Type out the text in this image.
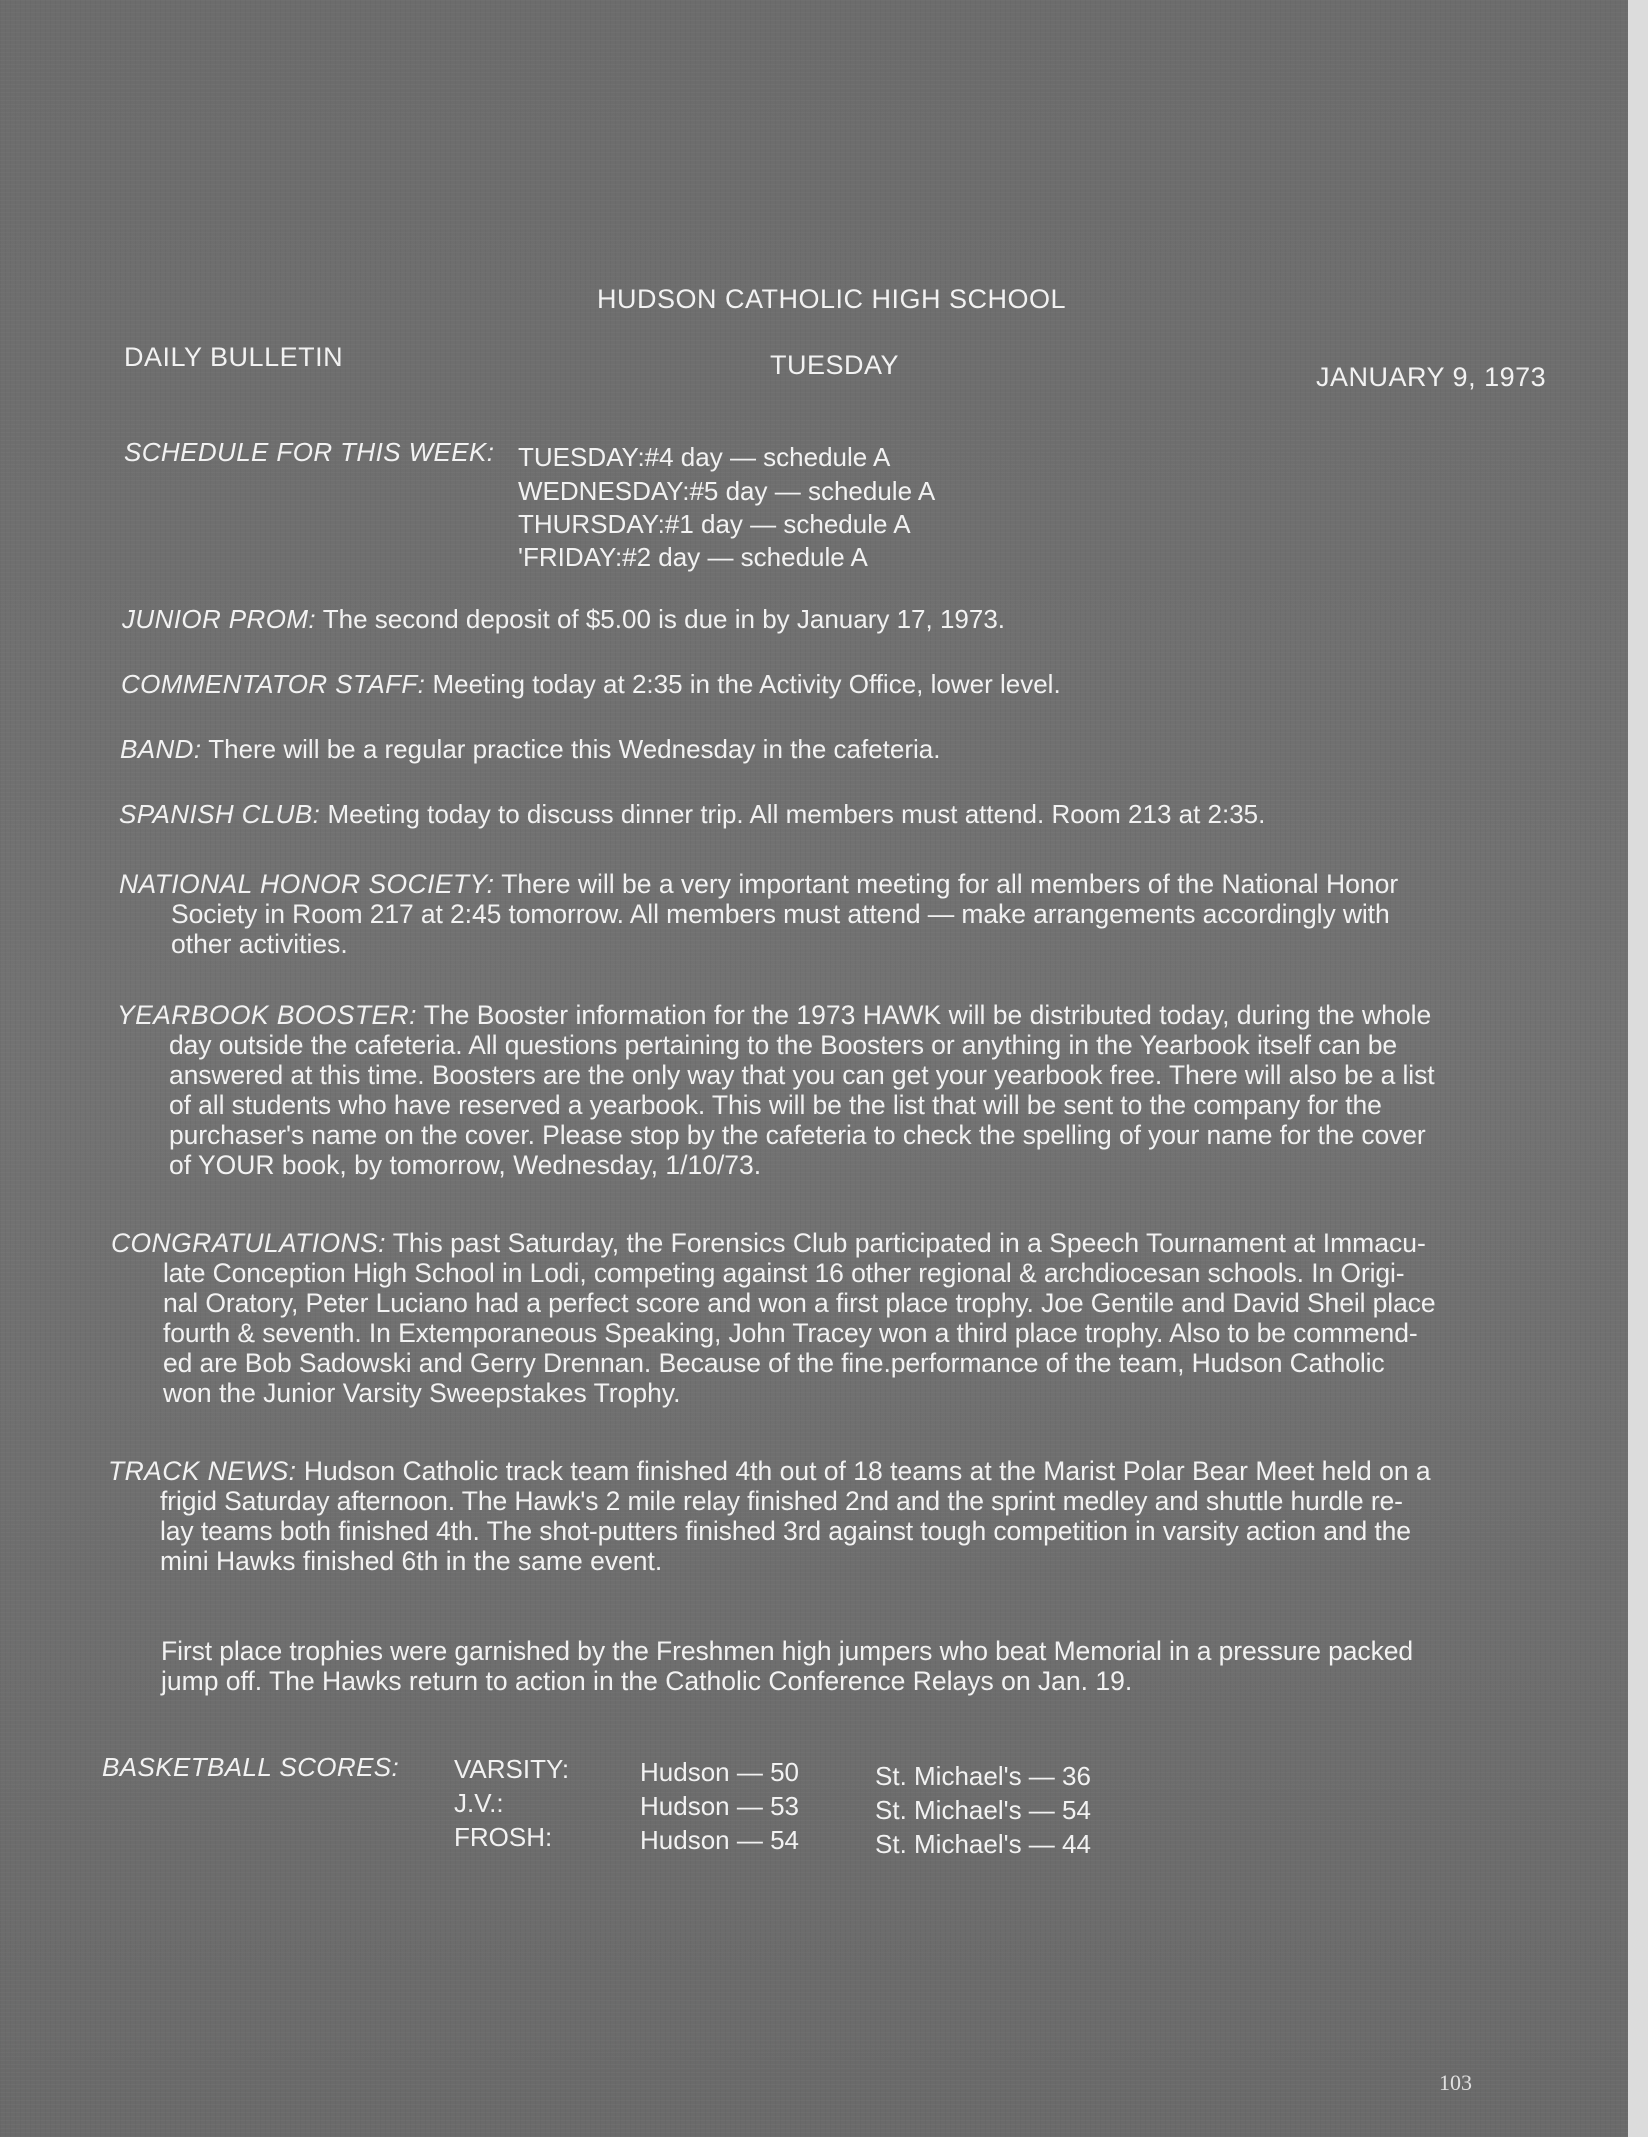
HUDSON CATHOLIC HIGH SCHOOL
DAILY BULLETIN	TUESDAY	JANUARY 9, 1973
SCHEDULE FOR THIS WEEK: TUESDAY:#4 day — schedule A
WEDNESDAY:#5 day — schedule A
THURSDAY:#1 day — schedule A
'FRIDAY:#2 day — schedule A
JUNIOR PROM: The second deposit of $5.00 is due in by January 17, 1973.
COMMENTATOR STAFF: Meeting today at 2:35 in the Activity Office, lower level.
BAND: There will be a regular practice this Wednesday in the cafeteria.
SPANISH CLUB: Meeting today to discuss dinner trip. All members must attend. Room 213 at 2:35.
NATIONAL HONOR SOCIETY: There will be a very important meeting for all members of the National Honor
Society in Room 217 at 2:45 tomorrow. All members must attend — make arrangements accordingly with
other activities.
YEARBOOK BOOSTER: The Booster information for the 1973 HAWK will be distributed today, during the whole
day outside the cafeteria. All questions pertaining to the Boosters or anything in the Yearbook itself can be
answered at this time. Boosters are the only way that you can get your yearbook free. There will also be a list
of all students who have reserved a yearbook. This will be the list that will be sent to the company for the
purchaser's name on the cover. Please stop by the cafeteria to check the spelling of your name for the cover
of YOUR book, by tomorrow, Wednesday, 1/10/73.
CONGRATULATIONS: This past Saturday, the Forensics Club participated in a Speech Tournament at Immacu-
late Conception High School in Lodi, competing against 16 other regional & archdiocesan schools. In Origi-
nal Oratory, Peter Luciano had a perfect score and won a first place trophy. Joe Gentile and David Sheil place
fourth & seventh. In Extemporaneous Speaking, John Tracey won a third place trophy. Also to be commend-
ed are Bob Sadowski and Gerry Drennan. Because of the fine.performance of the team, Hudson Catholic
won the Junior Varsity Sweepstakes Trophy.
TRACK NEWS: Hudson Catholic track team finished 4th out of 18 teams at the Marist Polar Bear Meet held on a
frigid Saturday afternoon. The Hawk's 2 mile relay finished 2nd and the sprint medley and shuttle hurdle re-
lay teams both finished 4th. The shot-putters finished 3rd against tough competition in varsity action and the
mini Hawks finished 6th in the same event.
First place trophies were garnished by the Freshmen high jumpers who beat Memorial in a pressure packed
jump off. The Hawks return to action in the Catholic Conference Relays on Jan. 19.
BASKETBALL SCORES: VARSITY:	Hudson — 50	St. Michael's — 36
J.V.:	Hudson — 53	St. Michael's — 54
FROSH:	Hudson — 54	St. Michael's — 44
103
